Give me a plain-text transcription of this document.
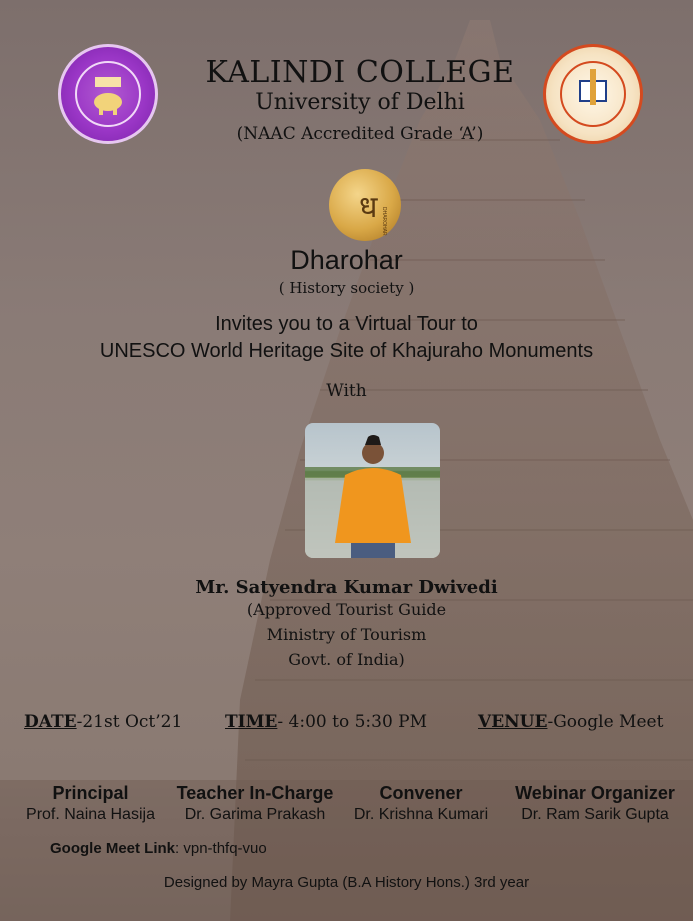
ध DHAROHAR
KALINDI COLLEGE
University of Delhi
(NAAC Accredited Grade ‘A’)
Dharohar
( History society )
Invites you to a Virtual Tour to
UNESCO World Heritage Site of Khajuraho Monuments
With
Mr. Satyendra Kumar Dwivedi
(Approved Tourist Guide
Ministry of Tourism
Govt. of India)
DATE-21st Oct’21	TIME- 4:00 to 5:30 PM	VENUE-Google Meet
Principal
Prof. Naina Hasija
Teacher In-Charge
Dr. Garima Prakash
Convener
Dr. Krishna Kumari
Webinar Organizer
Dr. Ram Sarik Gupta
Google Meet Link: vpn-thfq-vuo
Designed by Mayra Gupta (B.A History Hons.) 3rd year
